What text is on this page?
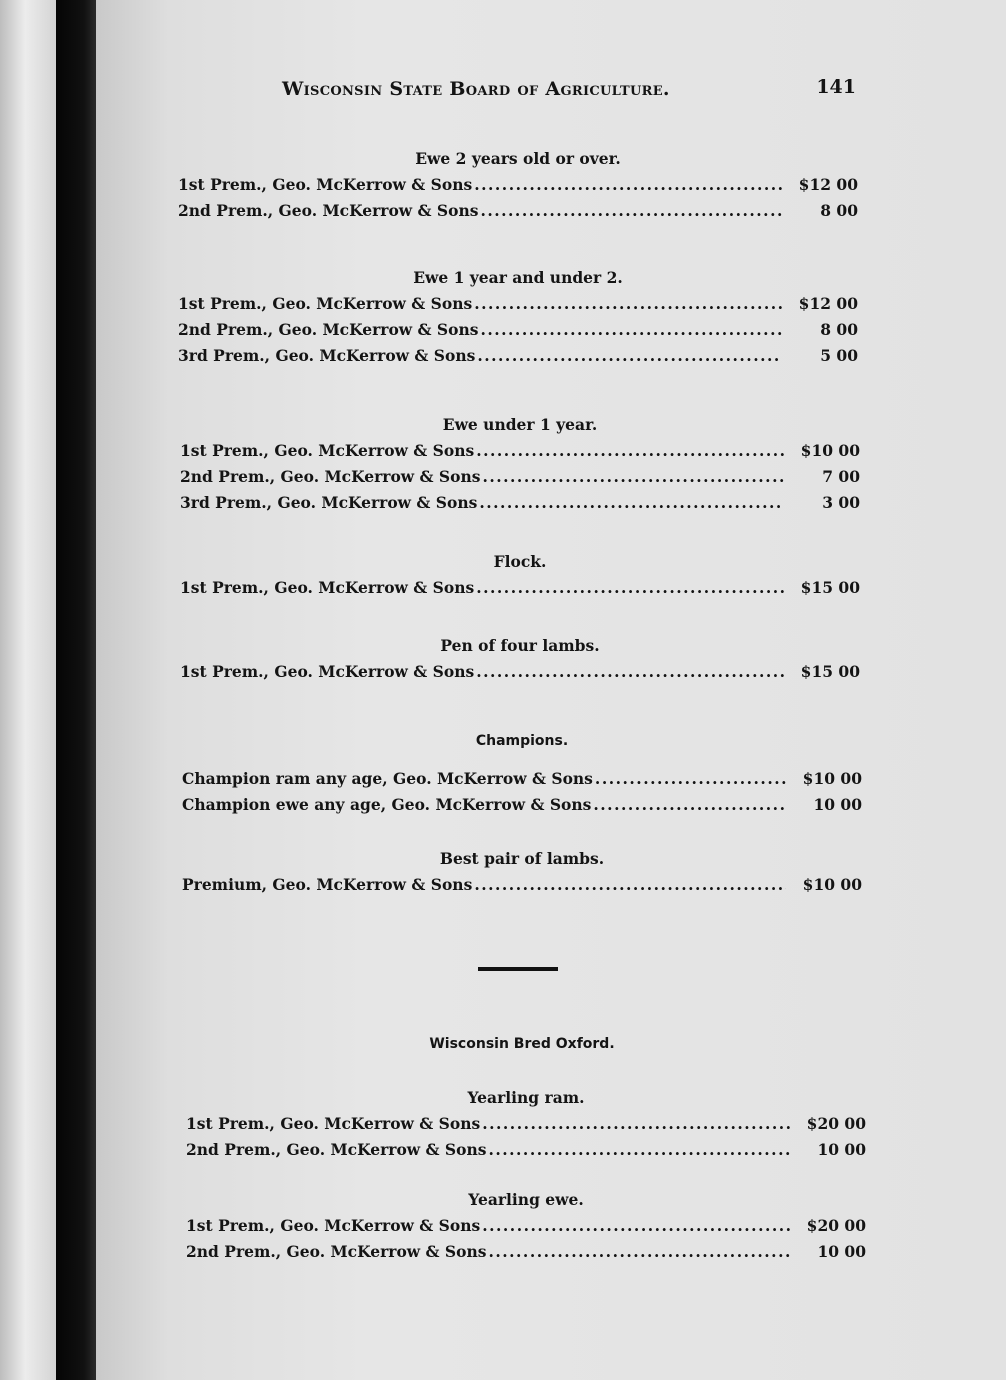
Wisconsin State Board of Agriculture.	141
Ewe 2 years old or over.
1st Prem., Geo. McKerrow & Sons .....	$12 00
2nd Prem., Geo. McKerrow & Sons .....	8 00
Ewe 1 year and under 2.
1st Prem., Geo. McKerrow & Sons .....	$12 00
2nd Prem., Geo. McKerrow & Sons .....	8 00
3rd Prem., Geo. McKerrow & Sons .....	5 00
Ewe under 1 year.
1st Prem., Geo. McKerrow & Sons .....	$10 00
2nd Prem., Geo. McKerrow & Sons .....	7 00
3rd Prem., Geo. McKerrow & Sons .....	3 00
Flock.
1st Prem., Geo. McKerrow & Sons .....	$15 00
Pen of four lambs.
1st Prem., Geo. McKerrow & Sons .....	$15 00
Champions.
Champion ram any age, Geo. McKerrow & Sons .....	$10 00
Champion ewe any age, Geo. McKerrow & Sons .....	10 00
Best pair of lambs.
Premium, Geo. McKerrow & Sons .....	$10 00
Wisconsin Bred Oxford.
Yearling ram.
1st Prem., Geo. McKerrow & Sons .....	$20 00
2nd Prem., Geo. McKerrow & Sons .....	10 00
Yearling ewe.
1st Prem., Geo. McKerrow & Sons .....	$20 00
2nd Prem., Geo. McKerrow & Sons .....	10 00
